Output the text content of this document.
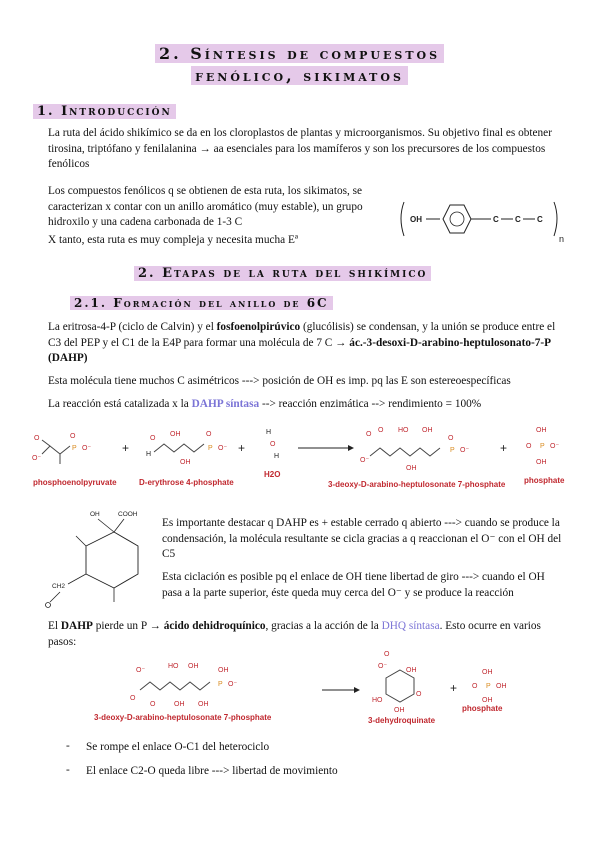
2. Síntesis de compuestos
fenólico, sikimatos
1. Introducción
La ruta del ácido shikímico se da en los cloroplastos de plantas y microorganismos. Su objetivo final es obtener tirosina, triptófano y fenilalanina → aa esenciales para los mamíferos y son los precursores de los compuestos fenólicos
Los compuestos fenólicos q se obtienen de esta ruta, los sikimatos, se caracterizan x contar con un anillo aromático (muy estable), un grupo hidroxilo y una cadena carbonada de 1-3 C
X tanto, esta ruta es muy compleja y necesita mucha Eª
OH	C C C
n
2. Etapas de la ruta del shikímico
2.1. Formación del anillo de 6C
La eritrosa-4-P (ciclo de Calvin) y el fosfoenolpirúvico (glucólisis) se condensan, y la unión se produce entre el C3 del PEP y el C1 de la E4P para formar una molécula de 7 C → ác.-3-desoxi-D-arabino-heptulosonato-7-P (DAHP)
Esta molécula tiene muchos C asimétricos ---> posición de OH es imp. pq las E son estereoespecíficas
La reacción está catalizada x la DAHP síntasa --> reacción enzimática --> rendimiento = 100%
O
O⁻
P
O
O⁻	+
O
H
OH
OH
P
O
O⁻ +
H
O
H
O
O⁻
O HO OH
OH
P
O
O⁻	+
OH
P
O	O⁻
OH
phosphoenolpyruvate	D-erythrose 4-phosphate
H2O
3-deoxy-D-arabino-heptulosonate 7-phosphate phosphate
OH	COOH
CH2
Es importante destacar q DAHP es + estable cerrado q abierto ---> cuando se produce la condensación, la molécula resultante se cicla gracias a q reaccionan el O⁻ con el OH del C5
Esta ciclación es posible pq el enlace de OH tiene libertad de giro ---> cuando el OH pasa a la parte superior, éste queda muy cerca del O⁻ y se produce la reacción
El DAHP pierde un P → ácido dehidroquínico, gracias a la acción de la DHQ síntasa. Esto ocurre en varios pasos:
O⁻
O
O
HO OH
OH OH
P
OH
O⁻
O
O⁻
OH
HO
O
OH
+
OH
P
O	OH
OH
3-deoxy-D-arabino-heptulosonate 7-phosphate	3-dehydroquinate
phosphate
- Se rompe el enlace O-C1 del heterociclo
- El enlace C2-O queda libre ---> libertad de movimiento
